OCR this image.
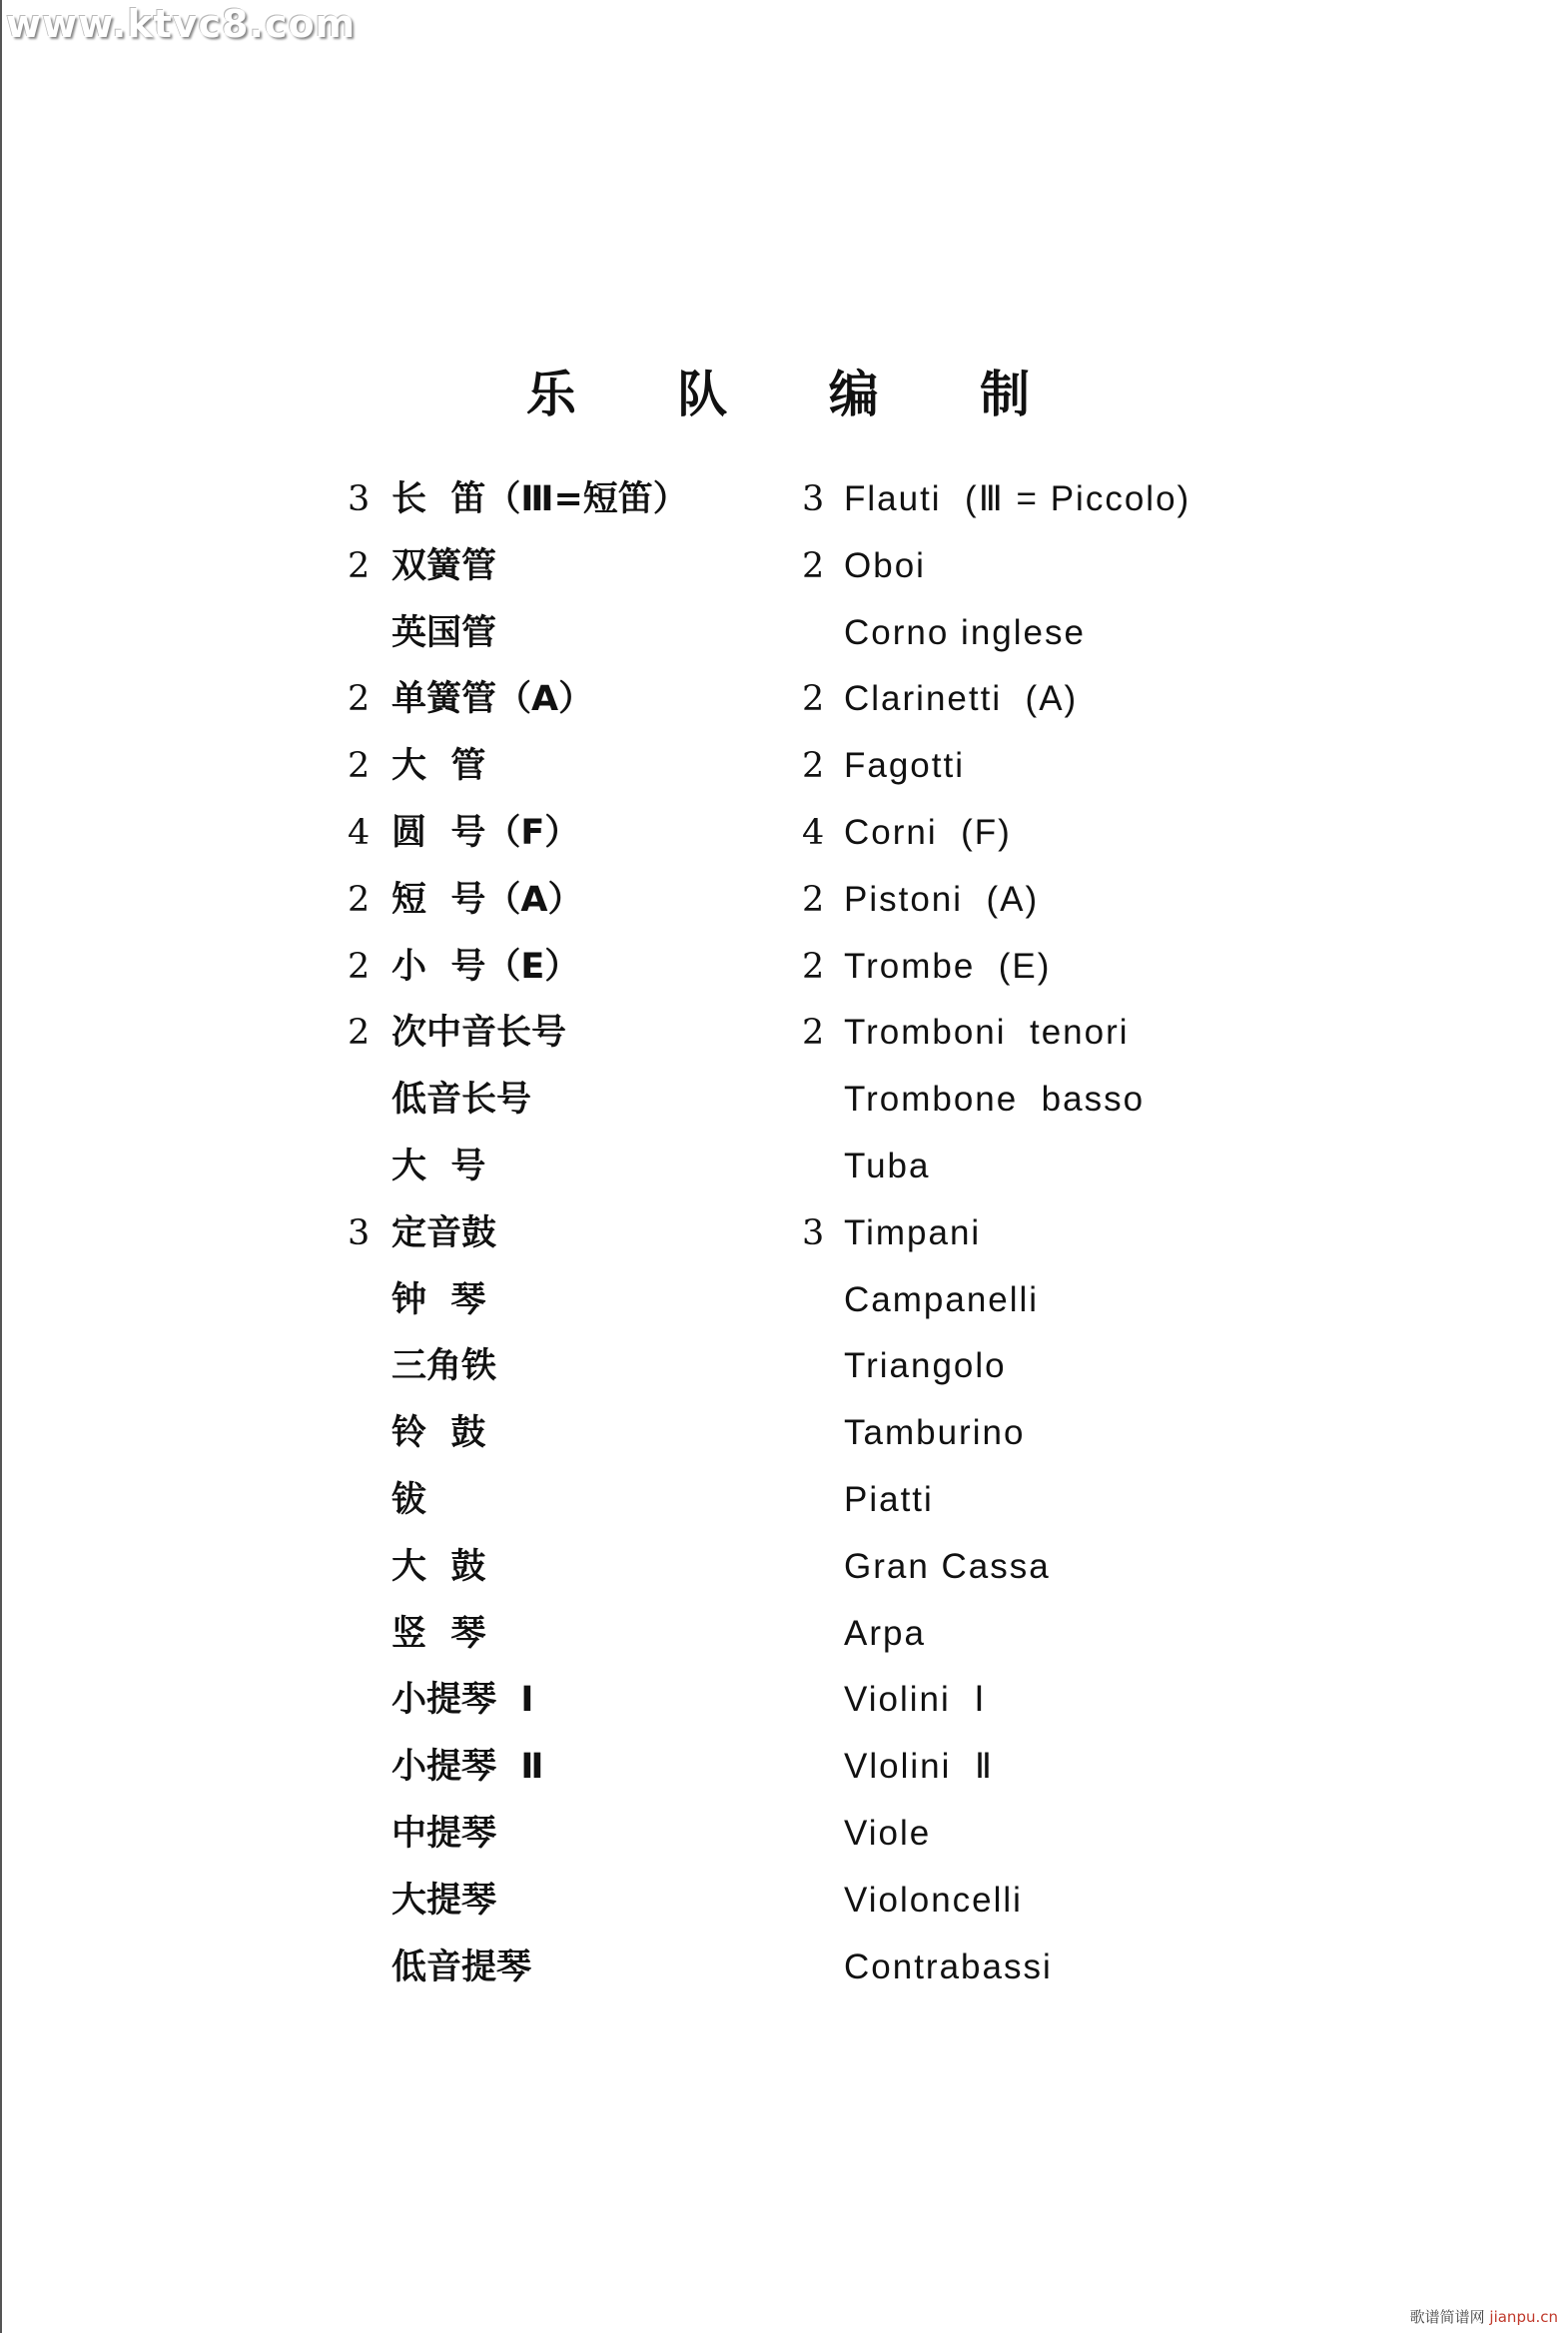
www.ktvc8.com
歌谱简谱网 jianpu.cn
乐 队 编 制
3 长  笛（Ⅲ=短笛）	3 Flauti  (Ⅲ = Piccolo)
2 双簧管	2 Oboi
英国管	Corno inglese
2 单簧管（A）	2 Clarinetti  (A)
2 大  管	2 Fagotti
4 圆  号（F）	4 Corni  (F)
2 短  号（A）	2 Pistoni  (A)
2 小  号（E）	2 Trombe  (E)
2 次中音长号	2 Tromboni  tenori
低音长号	Trombone  basso
大  号	Tuba
3 定音鼓	3 Timpani
钟  琴	Campanelli
三角铁	Triangolo
铃  鼓	Tamburino
钹	Piatti
大  鼓	Gran Cassa
竖  琴	Arpa
小提琴  Ⅰ	Violini  Ⅰ
小提琴  Ⅱ	Vlolini  Ⅱ
中提琴	Viole
大提琴	Violoncelli
低音提琴	Contrabassi
